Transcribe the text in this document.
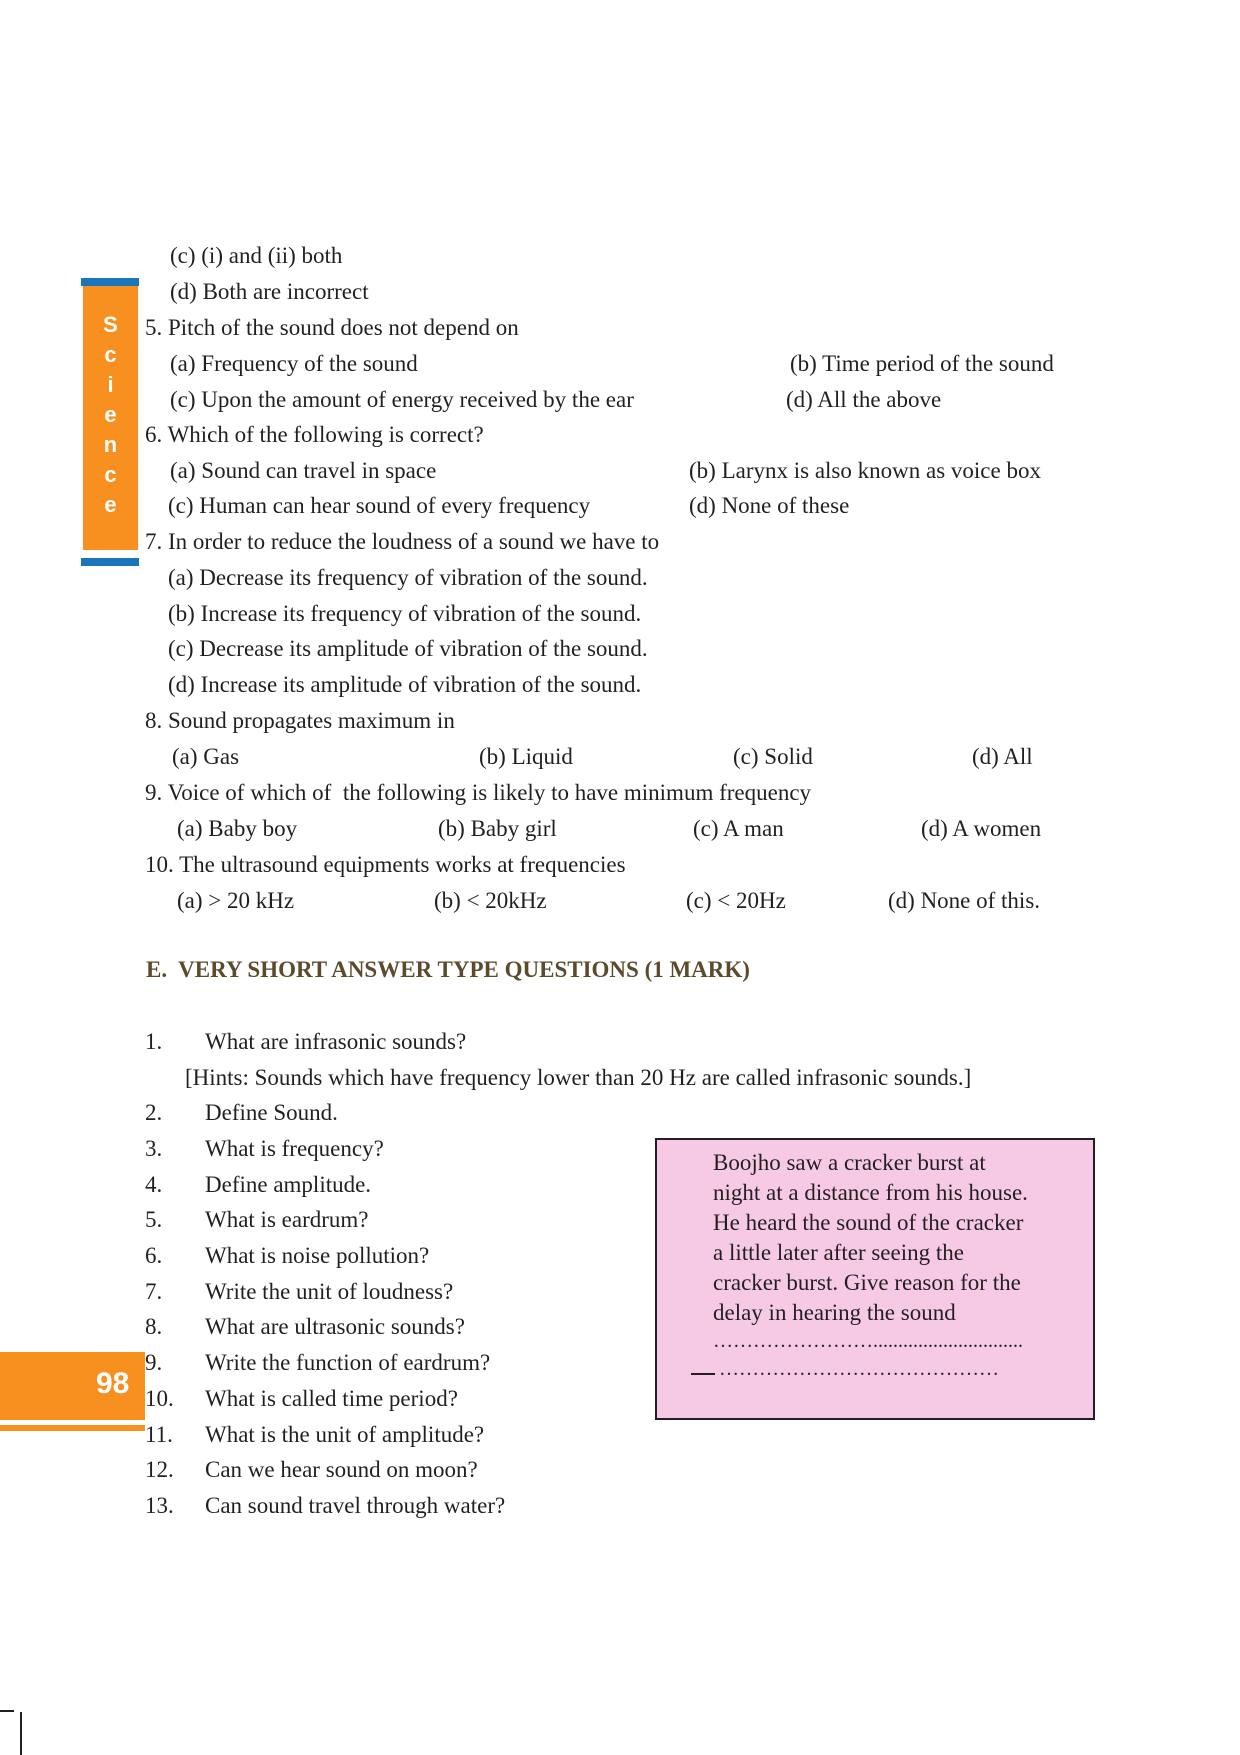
S
c
i
e
n
c
e
(c) (i) and (ii) both
(d) Both are incorrect
5. Pitch of the sound does not depend on
(a) Frequency of the sound	(b) Time period of the sound
(c) Upon the amount of energy received by the ear	(d) All the above
6. Which of the following is correct?
(a) Sound can travel in space	(b) Larynx is also known as voice box
(c) Human can hear sound of every frequency	(d) None of these
7. In order to reduce the loudness of a sound we have to
(a) Decrease its frequency of vibration of the sound.
(b) Increase its frequency of vibration of the sound.
(c) Decrease its amplitude of vibration of the sound.
(d) Increase its amplitude of vibration of the sound.
8. Sound propagates maximum in
(a) Gas	(b) Liquid	(c) Solid	(d) All
9. Voice of which of  the following is likely to have minimum frequency
(a) Baby boy	(b) Baby girl	(c) A man	(d) A women
10. The ultrasound equipments works at frequencies
(a) > 20 kHz	(b) < 20kHz	(c) < 20Hz	(d) None of this.
E.  VERY SHORT ANSWER TYPE QUESTIONS (1 MARK)
1. What are infrasonic sounds?
[Hints: Sounds which have frequency lower than 20 Hz are called infrasonic sounds.]
2. Define Sound.
3. What is frequency?
4. Define amplitude.
5. What is eardrum?
6. What is noise pollution?
7. Write the unit of loudness?
8. What are ultrasonic sounds?
98
9. Write the function of eardrum?
10. What is called time period?
11. What is the unit of amplitude?
12. Can we hear sound on moon?
13. Can sound travel through water?
Boojho saw a cracker burst at
night at a distance from his house.
He heard the sound of the cracker
a little later after seeing the
cracker burst. Give reason for the
delay in hearing the sound
……………………..............................
……………………………………
